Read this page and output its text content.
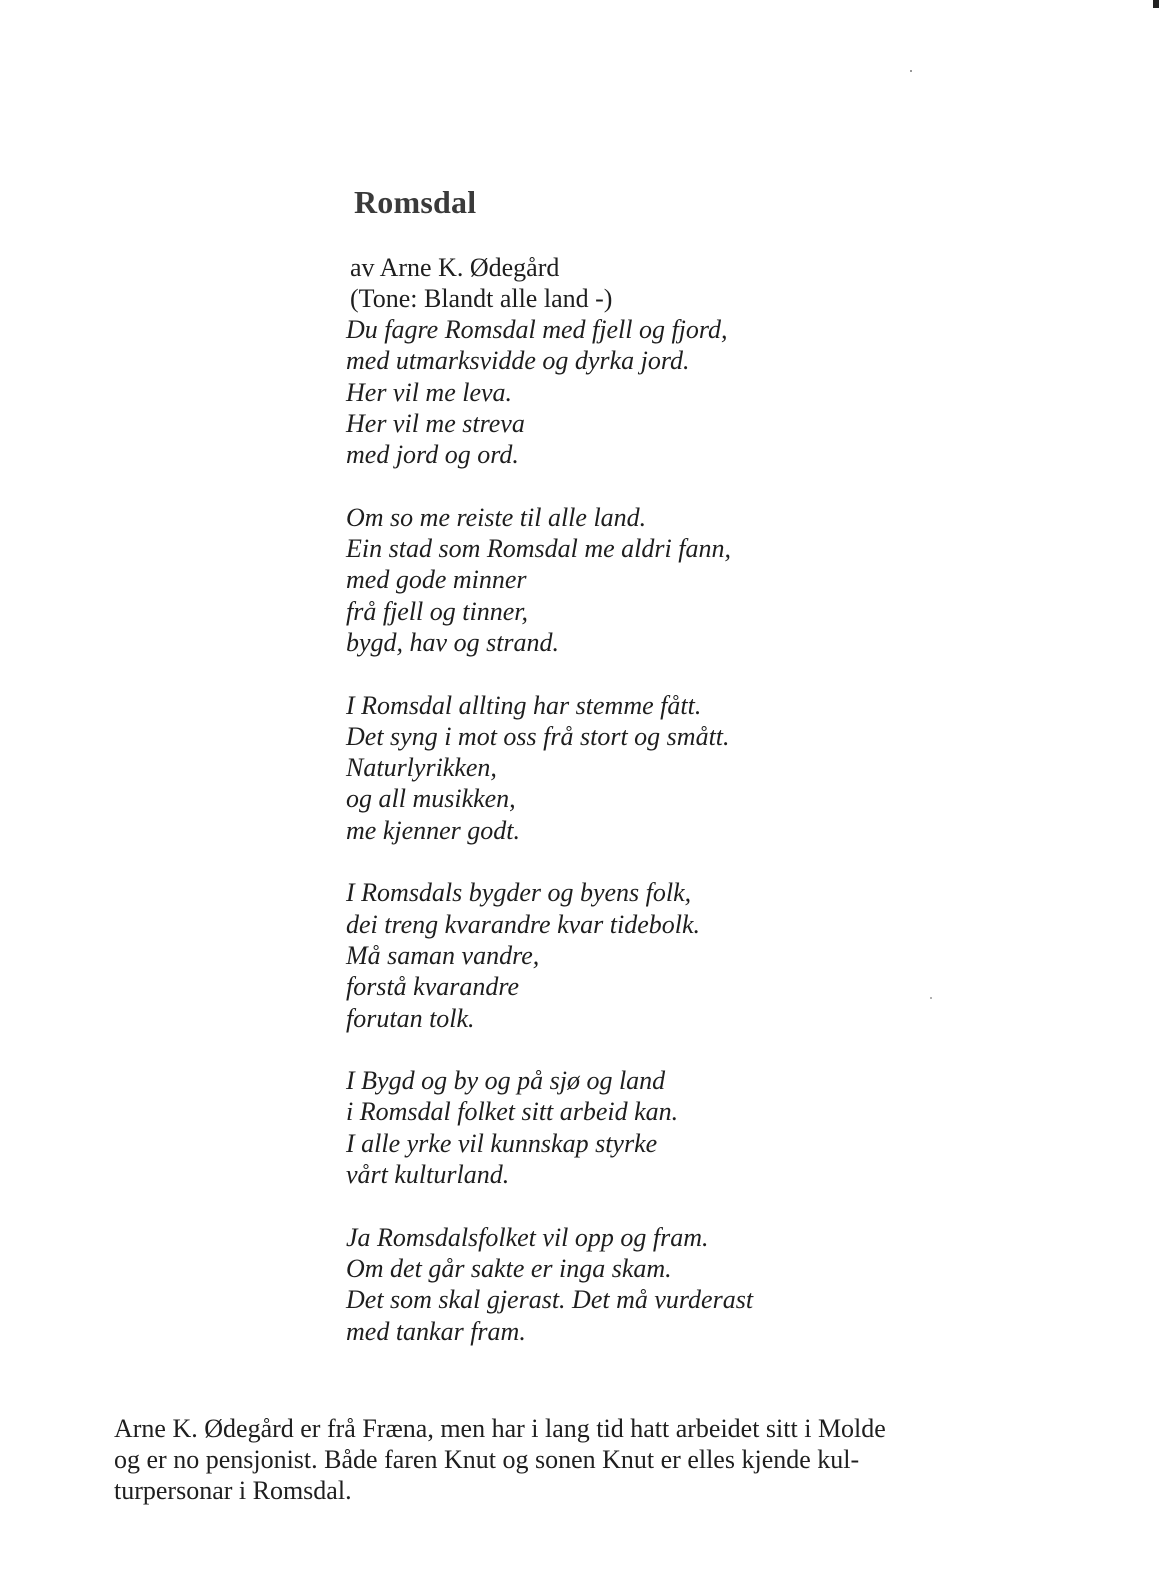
Romsdal
av Arne K. Ødegård
(Tone: Blandt alle land -)
Du fagre Romsdal med fjell og fjord,
med utmarksvidde og dyrka jord.
Her vil me leva.
Her vil me streva
med jord og ord.
Om so me reiste til alle land.
Ein stad som Romsdal me aldri fann,
med gode minner
frå fjell og tinner,
bygd, hav og strand.
I Romsdal allting har stemme fått.
Det syng i mot oss frå stort og smått.
Naturlyrikken,
og all musikken,
me kjenner godt.
I Romsdals bygder og byens folk,
dei treng kvarandre kvar tidebolk.
Må saman vandre,
forstå kvarandre
forutan tolk.
I Bygd og by og på sjø og land
i Romsdal folket sitt arbeid kan.
I alle yrke vil kunnskap styrke
vårt kulturland.
Ja Romsdalsfolket vil opp og fram.
Om det går sakte er inga skam.
Det som skal gjerast. Det må vurderast
med tankar fram.
Arne K. Ødegård er frå Fræna, men har i lang tid hatt arbeidet sitt i Molde
og er no pensjonist. Både faren Knut og sonen Knut er elles kjende kul-
turpersonar i Romsdal.
